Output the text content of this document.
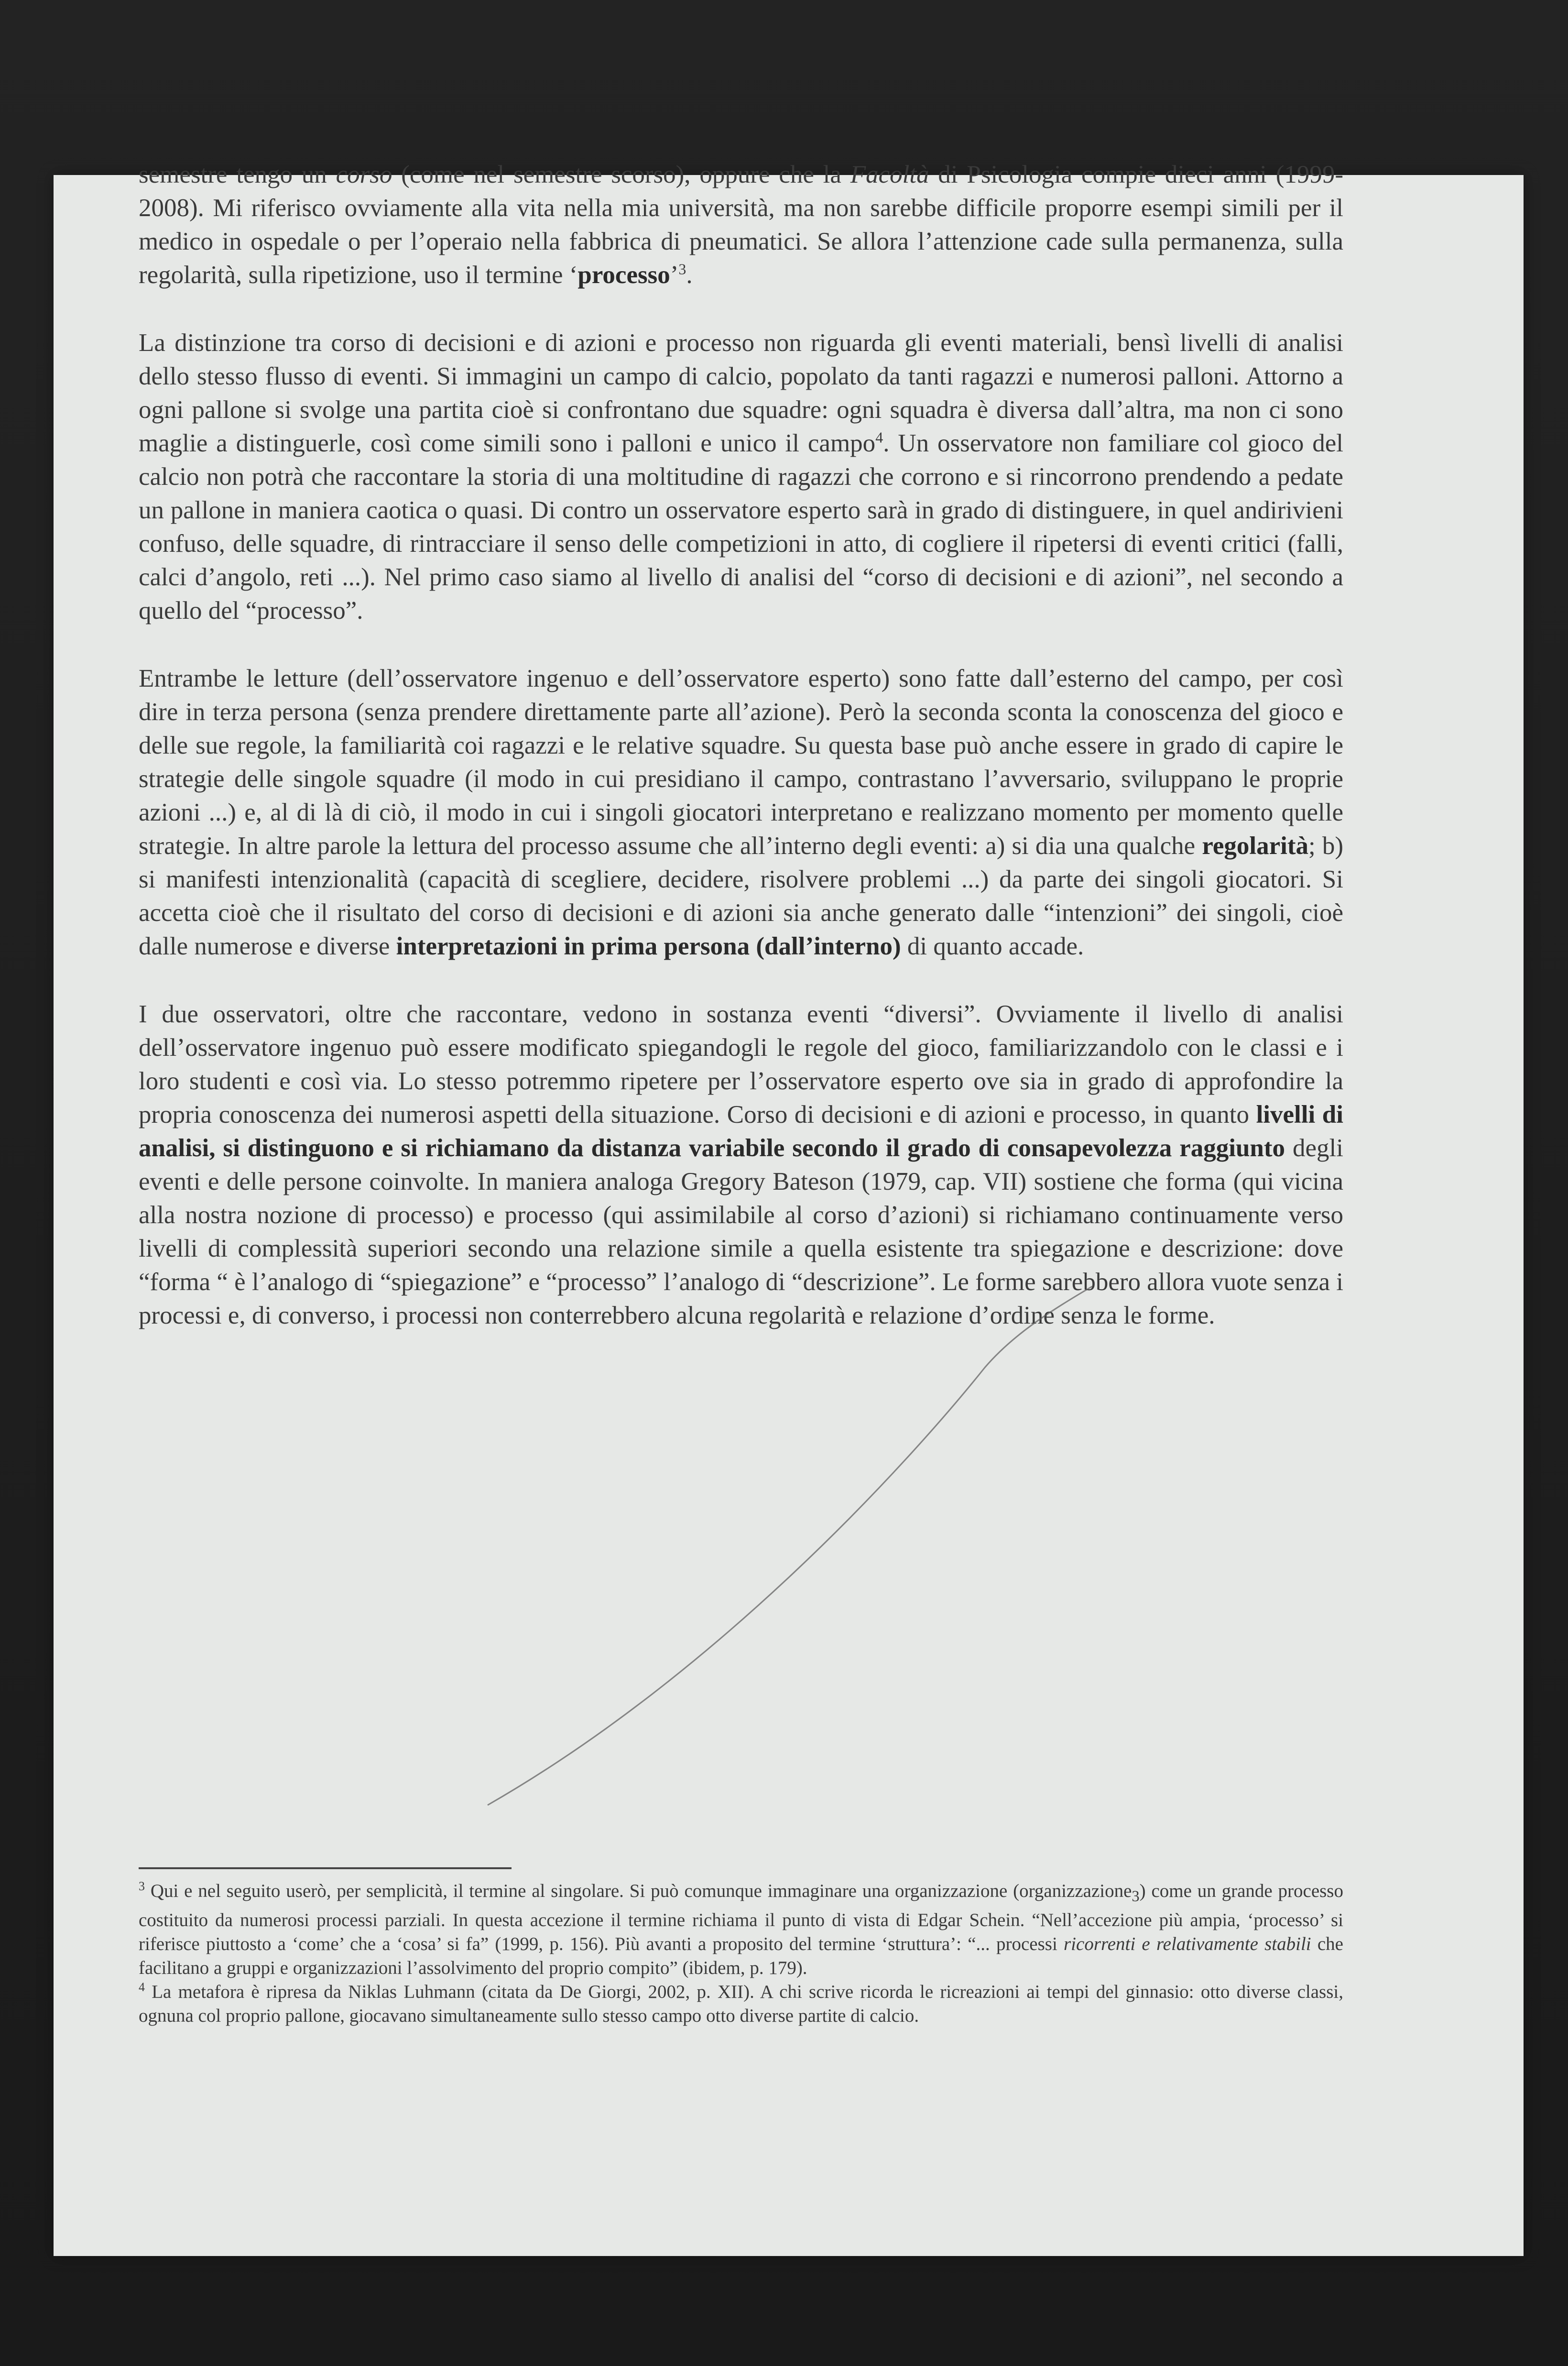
semestre tengo un corso (come nel semestre scorso), oppure che la Facoltà di Psicologia compie dieci anni (1999-2008). Mi riferisco ovviamente alla vita nella mia università, ma non sarebbe difficile proporre esempi simili per il medico in ospedale o per l’operaio nella fabbrica di pneumatici. Se allora l’attenzione cade sulla permanenza, sulla regolarità, sulla ripetizione, uso il termine ‘processo’$^3$.

La distinzione tra corso di decisioni e di azioni e processo non riguarda gli eventi materiali, bensì livelli di analisi dello stesso flusso di eventi. Si immagini un campo di calcio, popolato da tanti ragazzi e numerosi palloni. Attorno a ogni pallone si svolge una partita cioè si confrontano due squadre: ogni squadra è diversa dall’altra, ma non ci sono maglie a distinguerle, così come simili sono i palloni e unico il campo$^4$. Un osservatore non familiare col gioco del calcio non potrà che raccontare la storia di una moltitudine di ragazzi che corrono e si rincorrono prendendo a pedate un pallone in maniera caotica o quasi. Di contro un osservatore esperto sarà in grado di distinguere, in quel andirivieni confuso, delle squadre, di rintracciare il senso delle competizioni in atto, di cogliere il ripetersi di eventi critici (falli, calci d’angolo, reti ...). Nel primo caso siamo al livello di analisi del “corso di decisioni e di azioni”, nel secondo a quello del “processo”.

Entrambe le letture (dell’osservatore ingenuo e dell’osservatore esperto) sono fatte dall’esterno del campo, per così dire in terza persona (senza prendere direttamente parte all’azione). Però la seconda sconta la conoscenza del gioco e delle sue regole, la familiarità coi ragazzi e le relative squadre. Su questa base può anche essere in grado di capire le strategie delle singole squadre (il modo in cui presidiano il campo, contrastano l’avversario, sviluppano le proprie azioni ...) e, al di là di ciò, il modo in cui i singoli giocatori interpretano e realizzano momento per momento quelle strategie. In altre parole la lettura del processo assume che all’interno degli eventi: a) si dia una qualche regolarità; b) si manifesti intenzionalità (capacità di scegliere, decidere, risolvere problemi ...) da parte dei singoli giocatori. Si accetta cioè che il risultato del corso di decisioni e di azioni sia anche generato dalle “intenzioni” dei singoli, cioè dalle numerose e diverse interpretazioni in prima persona (dall’interno) di quanto accade.

I due osservatori, oltre che raccontare, vedono in sostanza eventi “diversi”. Ovviamente il livello di analisi dell’osservatore ingenuo può essere modificato spiegandogli le regole del gioco, familiarizzandolo con le classi e i loro studenti e così via. Lo stesso potremmo ripetere per l’osservatore esperto ove sia in grado di approfondire la propria conoscenza dei numerosi aspetti della situazione. Corso di decisioni e di azioni e processo, in quanto livelli di analisi, si distinguono e si richiamano da distanza variabile secondo il grado di consapevolezza raggiunto degli eventi e delle persone coinvolte. In maniera analoga Gregory Bateson (1979, cap. VII) sostiene che forma (qui vicina alla nostra nozione di processo) e processo (qui assimilabile al corso d’azioni) si richiamano continuamente verso livelli di complessità superiori secondo una relazione simile a quella esistente tra spiegazione e descrizione: dove “forma “ è l’analogo di “spiegazione” e “processo” l’analogo di “descrizione”. Le forme sarebbero allora vuote senza i processi e, di converso, i processi non conterrebbero alcuna regolarità e relazione d’ordine senza le forme.

$^3$ Qui e nel seguito userò, per semplicità, il termine al singolare. Si può comunque immaginare una organizzazione (organizzazione$_3$) come un grande processo costituito da numerosi processi parziali. In questa accezione il termine richiama il punto di vista di Edgar Schein. “Nell’accezione più ampia, ‘processo’ si riferisce piuttosto a ‘come’ che a ‘cosa’ si fa” (1999, p. 156). Più avanti a proposito del termine ‘struttura’: “... processi ricorrenti e relativamente stabili che facilitano a gruppi e organizzazioni l’assolvimento del proprio compito” (ibidem, p. 179).

$^4$ La metafora è ripresa da Niklas Luhmann (citata da De Giorgi, 2002, p. XII). A chi scrive ricorda le ricreazioni ai tempi del ginnasio: otto diverse classi, ognuna col proprio pallone, giocavano simultaneamente sullo stesso campo otto diverse partite di calcio.
